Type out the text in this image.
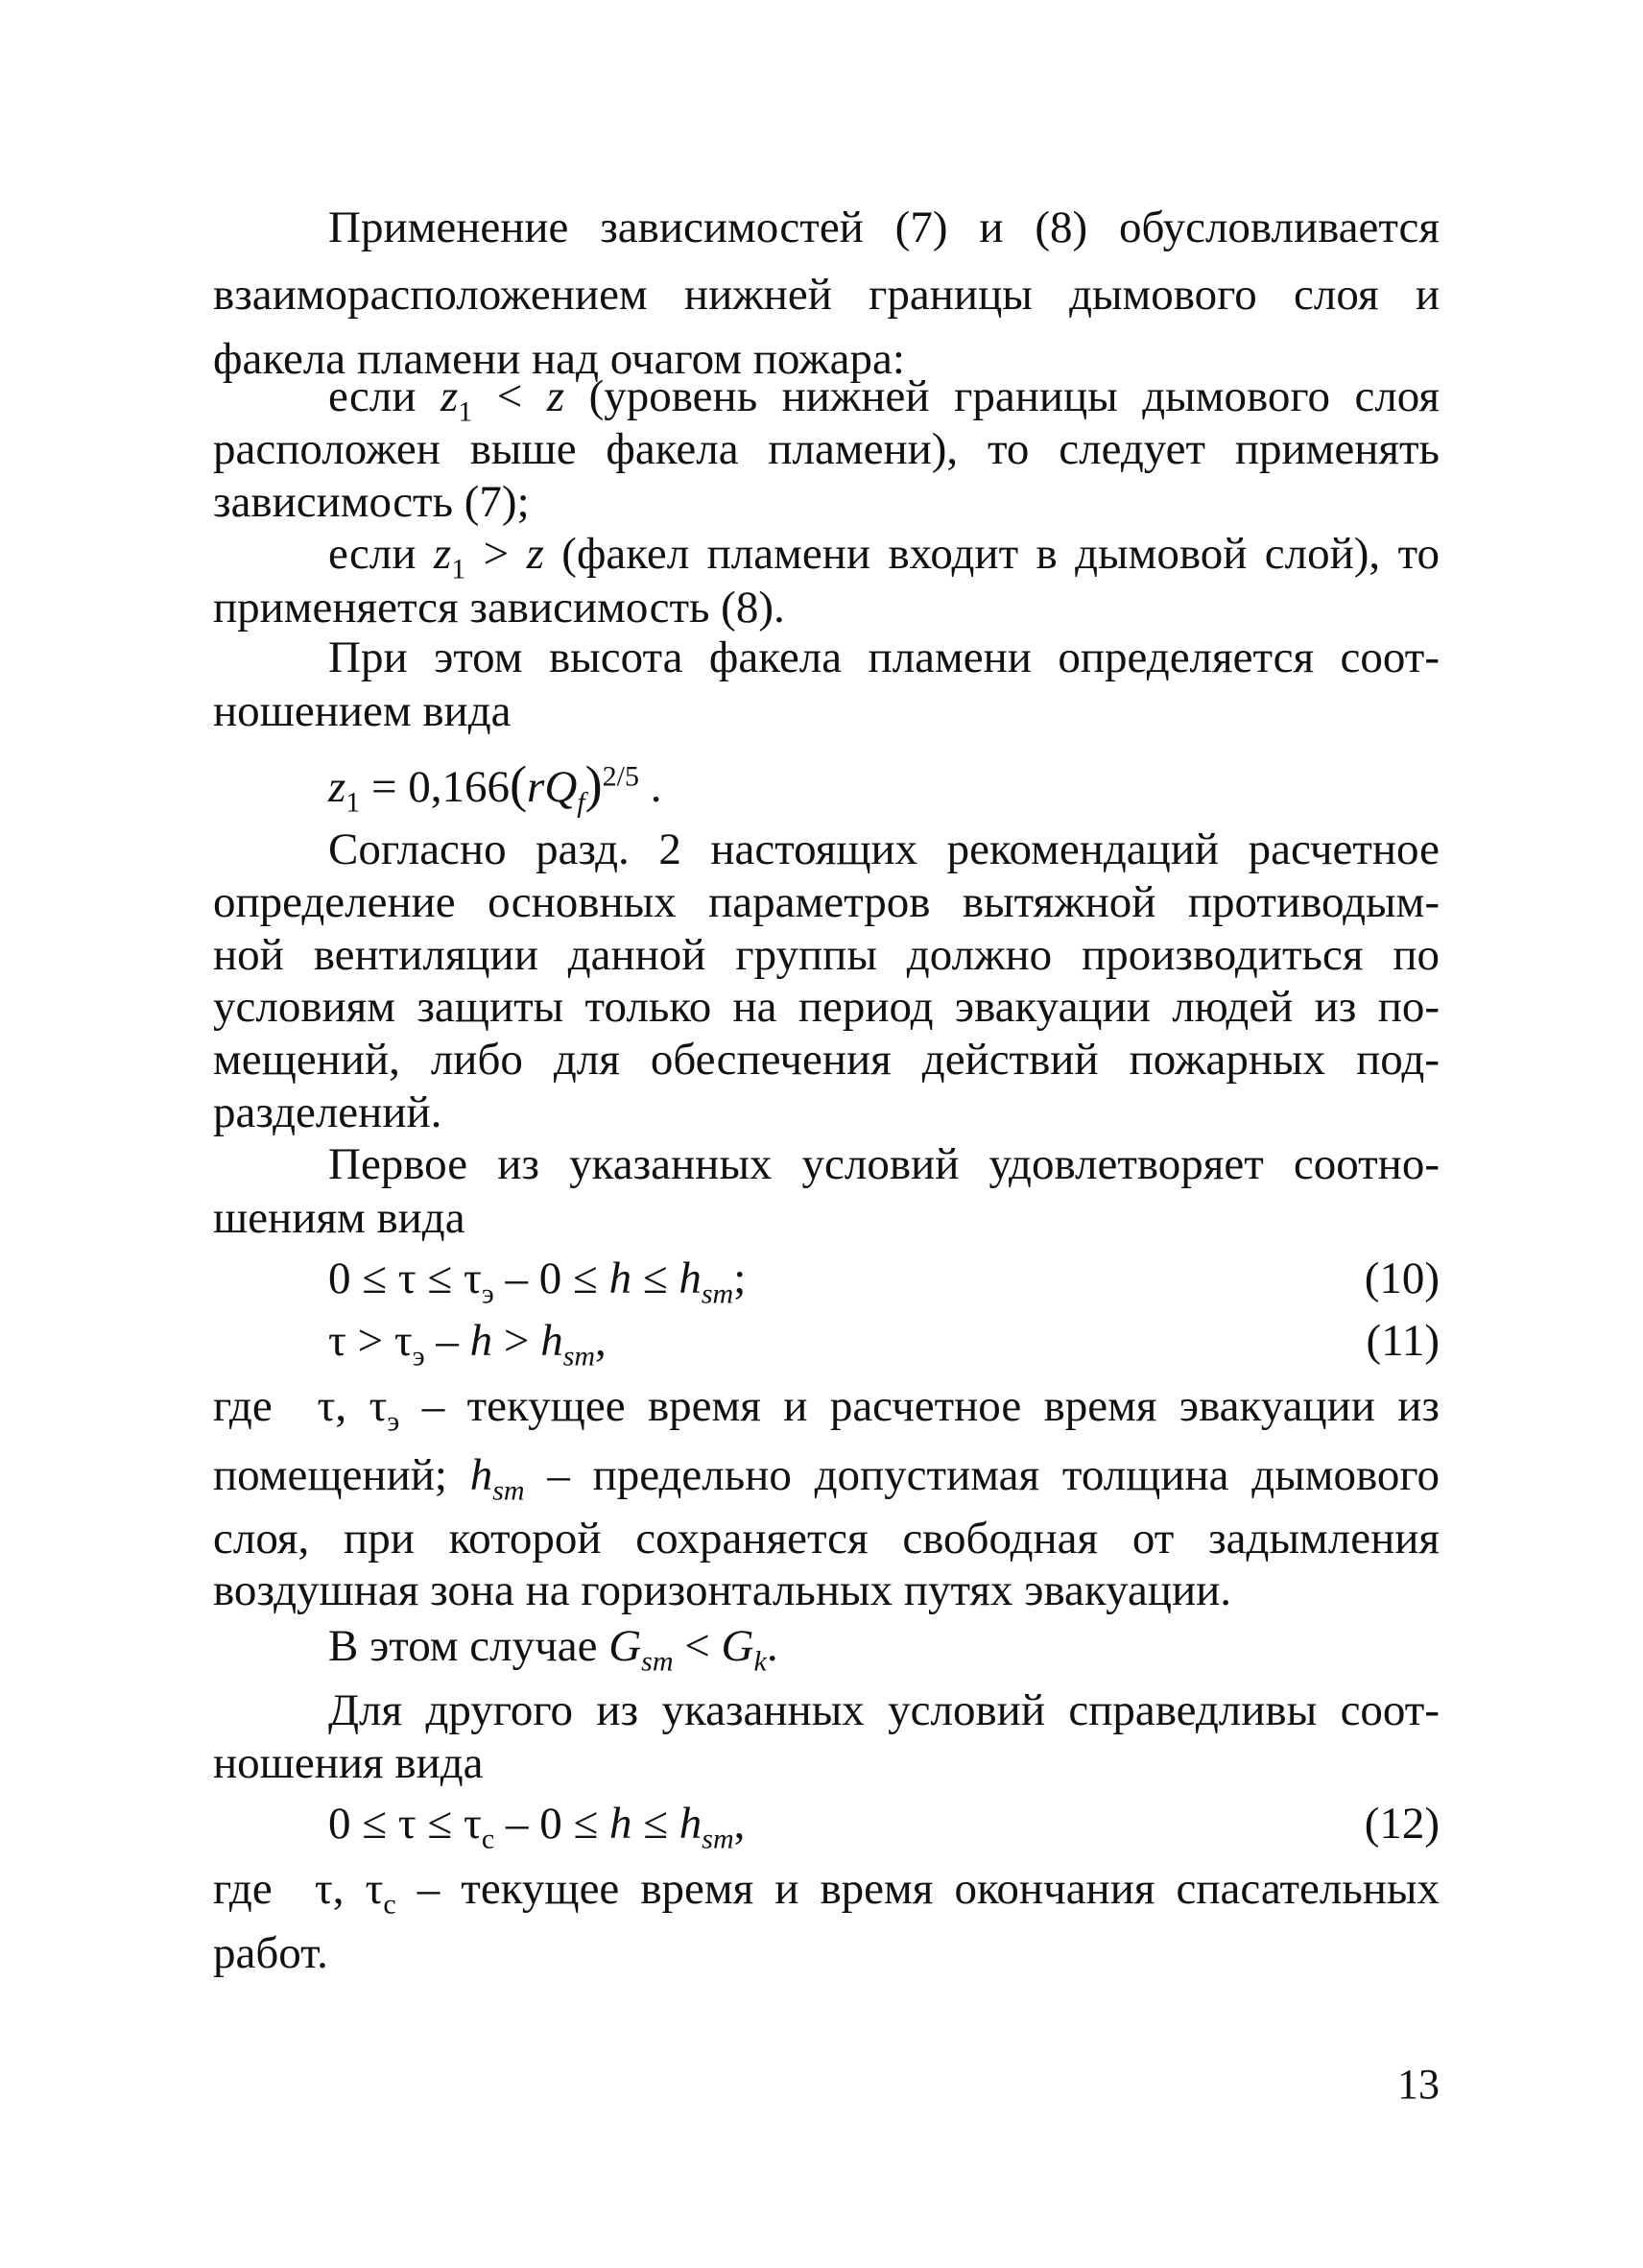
Применение зависимостей (7) и (8) обусловливается
взаиморасположением нижней границы дымового слоя и
факела пламени над очагом пожара:
если $z_1 < z$ (уровень нижней границы дымового слоя
расположен выше факела пламени), то следует применять
зависимость (7);
если $z_1 > z$ (факел пламени входит в дымовой слой), то
применяется зависимость (8).
При этом высота факела пламени определяется соот-
ношением вида
$z_1 = 0,166(rQ_f)^{2/5}$ .
Согласно разд. 2 настоящих рекомендаций расчетное
определение основных параметров вытяжной противодым-
ной вентиляции данной группы должно производиться по
условиям защиты только на период эвакуации людей из по-
мещений, либо для обеспечения действий пожарных под-
разделений.
Первое из указанных условий удовлетворяет соотно-
шениям вида
$0 \le \tau \le \tau_э - 0 \le h \le h_{sm}$;	(10)
$\tau > \tau_э - h > h_{sm}$,	(11)
где τ, $\tau_э$ – текущее время и расчетное время эвакуации из
помещений; $h_{sm}$ – предельно допустимая толщина дымового
слоя, при которой сохраняется свободная от задымления
воздушная зона на горизонтальных путях эвакуации.
В этом случае $G_{sm} < G_k$.
Для другого из указанных условий справедливы соот-
ношения вида
$0 \le \tau \le \tau_с - 0 \le h \le h_{sm}$,	(12)
где τ, $\tau_с$ – текущее время и время окончания спасательных
работ.
13
